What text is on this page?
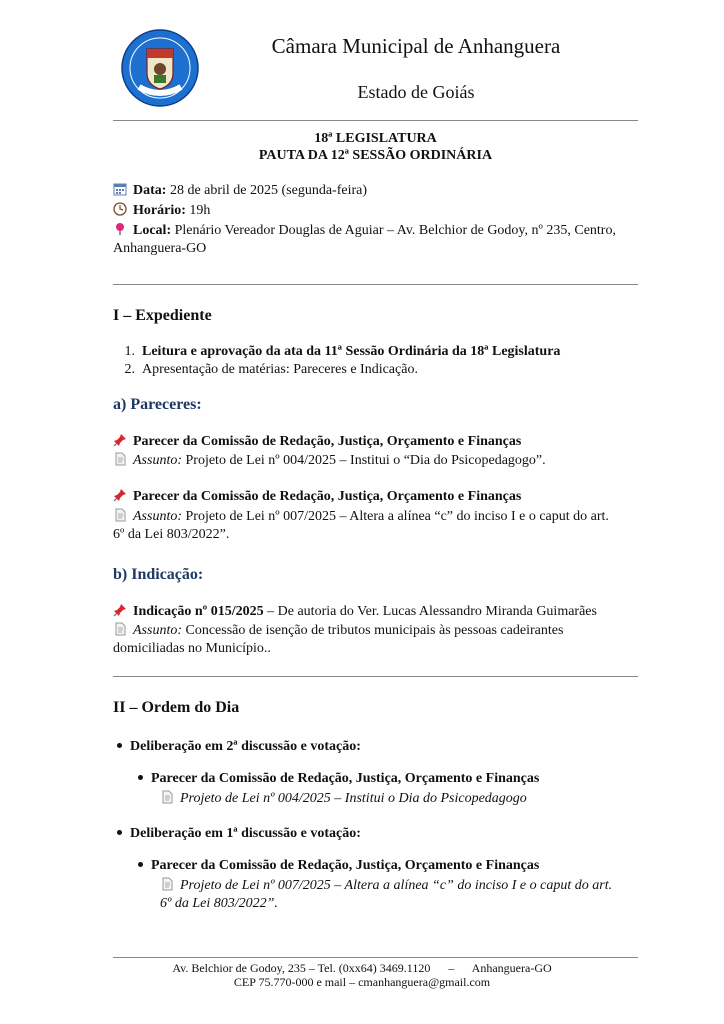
Câmara Municipal de Anhanguera
Estado de Goiás
18ª LEGISLATURA
PAUTA DA 12ª SESSÃO ORDINÁRIA
Data: 28 de abril de 2025 (segunda-feira)
Horário: 19h
Local: Plenário Vereador Douglas de Aguiar – Av. Belchior de Godoy, nº 235, Centro,
Anhanguera-GO
I – Expediente
1. Leitura e aprovação da ata da 11ª Sessão Ordinária da 18ª Legislatura
2. Apresentação de matérias: Pareceres e Indicação.
a) Pareceres:
Parecer da Comissão de Redação, Justiça, Orçamento e Finanças
Assunto: Projeto de Lei nº 004/2025 – Institui o “Dia do Psicopedagogo”.
Parecer da Comissão de Redação, Justiça, Orçamento e Finanças
Assunto: Projeto de Lei nº 007/2025 – Altera a alínea “c” do inciso I e o caput do art.
6º da Lei 803/2022”.
b) Indicação:
Indicação nº 015/2025 – De autoria do Ver. Lucas Alessandro Miranda Guimarães
Assunto: Concessão de isenção de tributos municipais às pessoas cadeirantes
domiciliadas no Município..
II – Ordem do Dia
Deliberação em 2ª discussão e votação:
Parecer da Comissão de Redação, Justiça, Orçamento e Finanças
Projeto de Lei nº 004/2025 – Institui o Dia do Psicopedagogo
Deliberação em 1ª discussão e votação:
Parecer da Comissão de Redação, Justiça, Orçamento e Finanças
Projeto de Lei nº 007/2025 – Altera a alínea “c” do inciso I e o caput do art.
6º da Lei 803/2022”.
Av. Belchior de Godoy, 235 – Tel. (0xx64) 3469.1120      –      Anhanguera-GO
CEP 75.770-000 e mail – cmanhanguera@gmail.com
